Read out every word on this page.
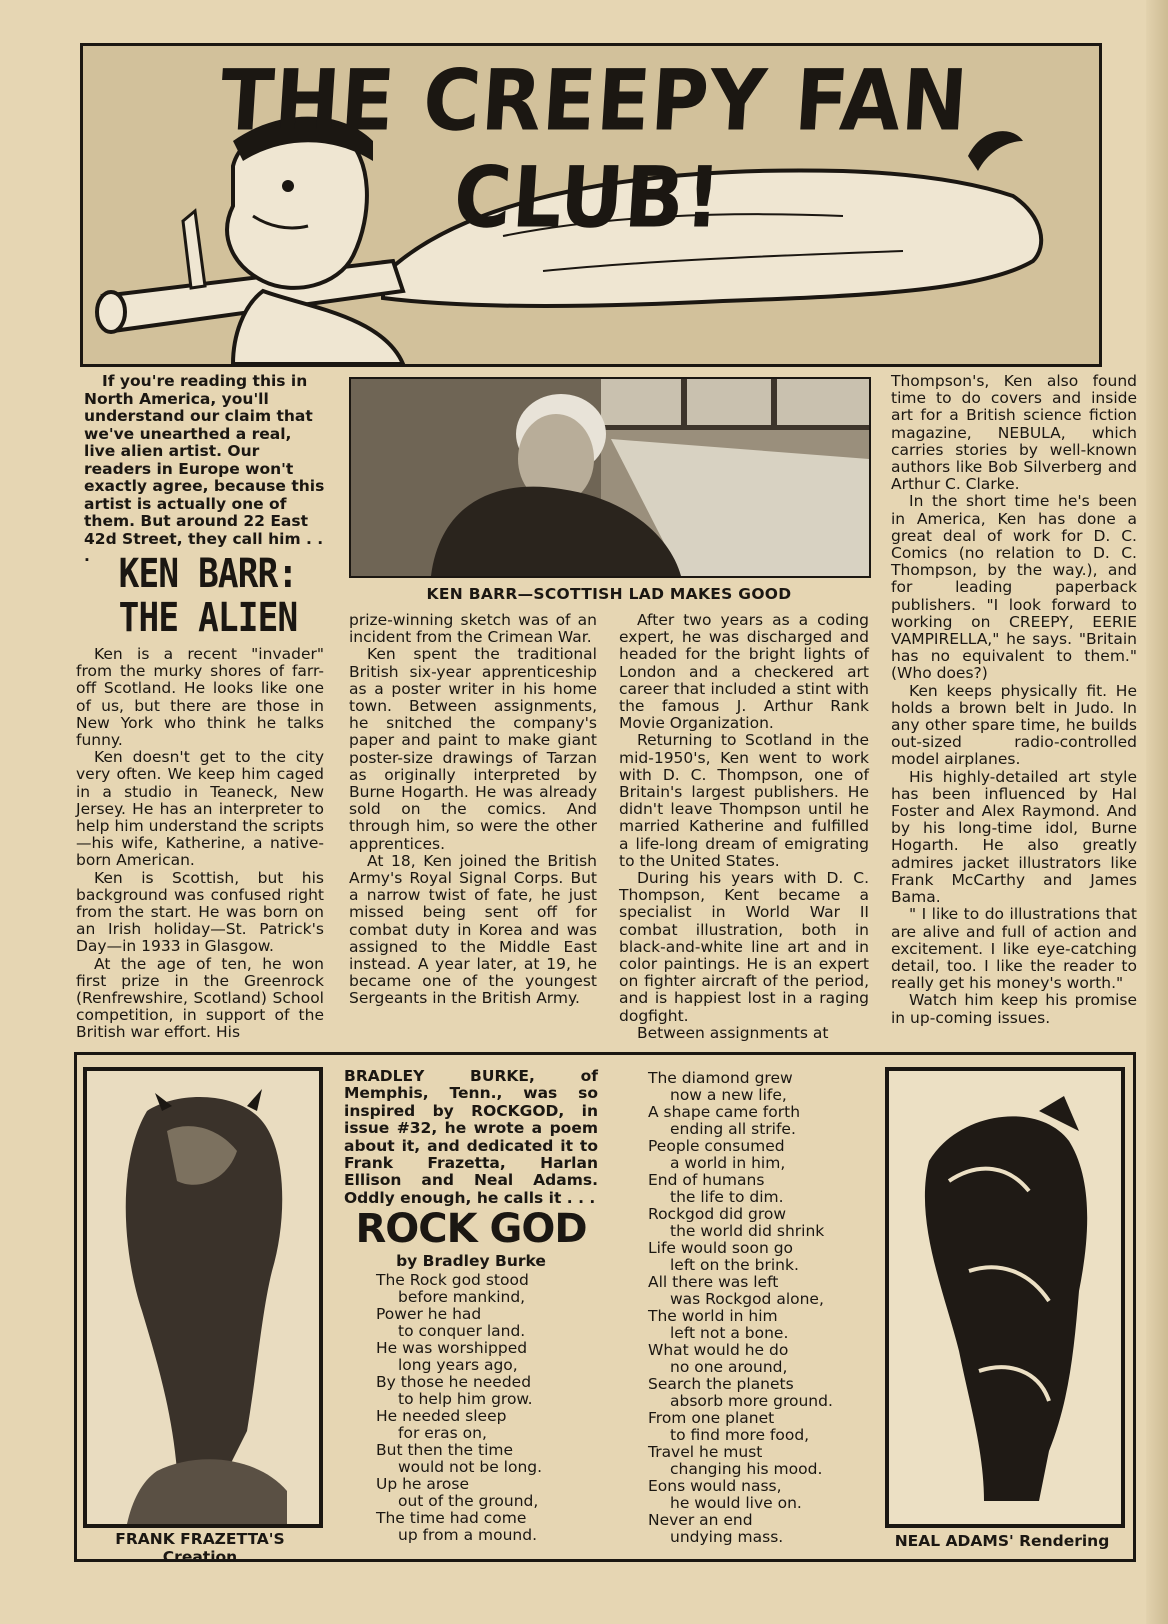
THE CREEPY FAN CLUB!

If you're reading this in North America, you'll understand our claim that we've unearthed a real, live alien artist. Our readers in Europe won't exactly agree, because this artist is actually one of them. But around 22 East 42d Street, they call him . . . KEN BARR:
THE ALIEN
KEN BARR—SCOTTISH LAD MAKES GOOD

Ken is a recent "invader" from the murky shores of farr-off Scotland. He looks like one of us, but there are those in New York who think he talks funny.

Ken doesn't get to the city very often. We keep him caged in a studio in Teaneck, New Jersey. He has an interpreter to help him understand the scripts—his wife, Katherine, a native-born American.

Ken is Scottish, but his background was confused right from the start. He was born on an Irish holiday—St. Patrick's Day—in 1933 in Glasgow.

At the age of ten, he won first prize in the Greenrock (Renfrewshire, Scotland) School competition, in support of the British war effort. His

prize-winning sketch was of an incident from the Crimean War.

Ken spent the traditional British six-year apprenticeship as a poster writer in his home town. Between assignments, he snitched the company's paper and paint to make giant poster-size drawings of Tarzan as originally interpreted by Burne Hogarth. He was already sold on the comics. And through him, so were the other apprentices.

At 18, Ken joined the British Army's Royal Signal Corps. But a narrow twist of fate, he just missed being sent off for combat duty in Korea and was assigned to the Middle East instead. A year later, at 19, he became one of the youngest Sergeants in the British Army.

After two years as a coding expert, he was discharged and headed for the bright lights of London and a checkered art career that included a stint with the famous J. Arthur Rank Movie Organization.

Returning to Scotland in the mid-1950's, Ken went to work with D. C. Thompson, one of Britain's largest publishers. He didn't leave Thompson until he married Katherine and fulfilled a life-long dream of emigrating to the United States.

During his years with D. C. Thompson, Kent became a specialist in World War II combat illustration, both in black-and-white line art and in color paintings. He is an expert on fighter aircraft of the period, and is happiest lost in a raging dogfight.

Between assignments at

Thompson's, Ken also found time to do covers and inside art for a British science fiction magazine, NEBULA, which carries stories by well-known authors like Bob Silverberg and Arthur C. Clarke.

In the short time he's been in America, Ken has done a great deal of work for D. C. Comics (no relation to D. C. Thompson, by the way.), and for leading paperback publishers. "I look forward to working on CREEPY, EERIE VAMPIRELLA," he says. "Britain has no equivalent to them." (Who does?)

Ken keeps physically fit. He holds a brown belt in Judo. In any other spare time, he builds out-sized radio-controlled model airplanes.

His highly-detailed art style has been influenced by Hal Foster and Alex Raymond. And by his long-time idol, Burne Hogarth. He also greatly admires jacket illustrators like Frank McCarthy and James Bama.

" I like to do illustrations that are alive and full of action and excitement. I like eye-catching detail, too. I like the reader to really get his money's worth."

Watch him keep his promise in up-coming issues.

FRANK FRAZETTA'S Creation
BRADLEY BURKE, of Memphis, Tenn., was so inspired by ROCKGOD, in issue #32, he wrote a poem about it, and dedicated it to Frank Frazetta, Harlan Ellison and Neal Adams. Oddly enough, he calls it . . .
ROCK GOD
by Bradley Burke
The Rock god stood
before mankind,
Power he had
to conquer land.
He was worshipped
long years ago,
By those he needed
to help him grow.
He needed sleep
for eras on,
But then the time
would not be long.
Up he arose
out of the ground,
The time had come
up from a mound.
The diamond grew
now a new life,
A shape came forth
ending all strife.
People consumed
a world in him,
End of humans
the life to dim.
Rockgod did grow
the world did shrink
Life would soon go
left on the brink.
All there was left
was Rockgod alone,
The world in him
left not a bone.
What would he do
no one around,
Search the planets
absorb more ground.
From one planet
to find more food,
Travel he must
changing his mood.
Eons would nass,
he would live on.
Never an end
undying mass.	NEAL ADAMS' Rendering
